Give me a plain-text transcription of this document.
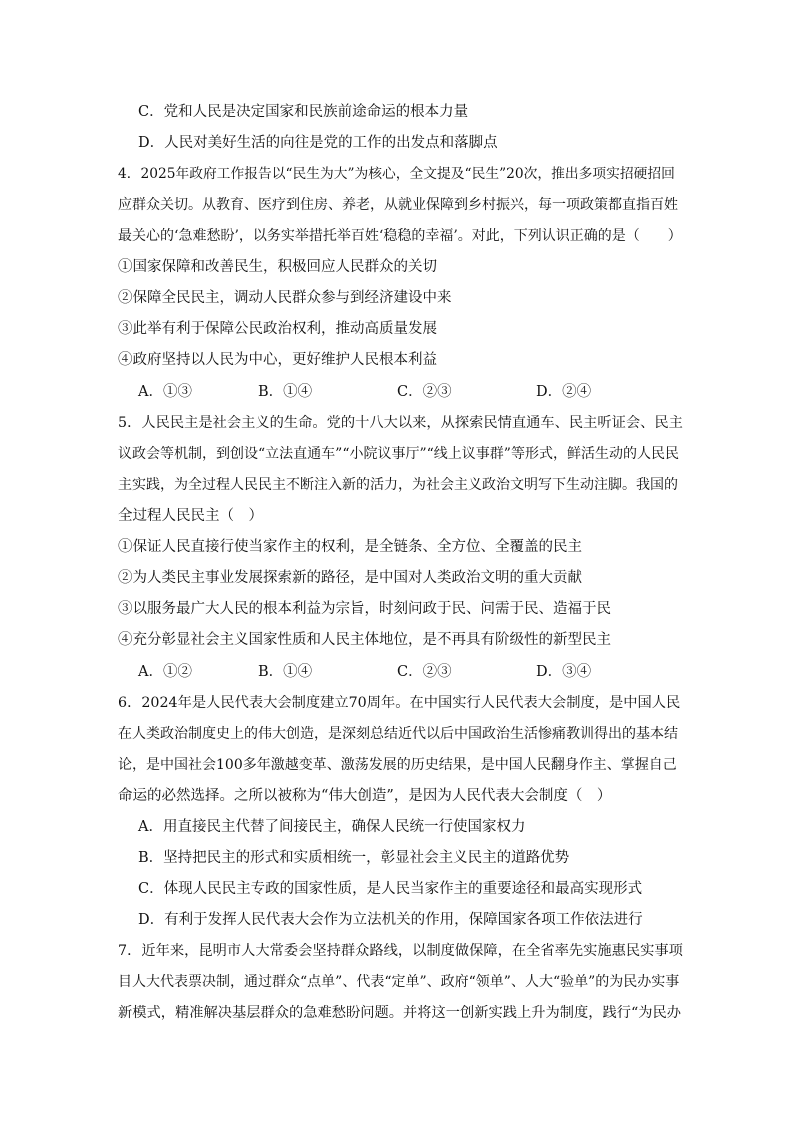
C．党和人民是决定国家和民族前途命运的根本力量
D．人民对美好生活的向往是党的工作的出发点和落脚点
4．2025年政府工作报告以“民生为大”为核心，全文提及“民生”20次，推出多项实招硬招回
应群众关切。从教育、医疗到住房、养老，从就业保障到乡村振兴，每一项政策都直指百姓
最关心的‘急难愁盼’，以务实举措托举百姓‘稳稳的幸福’。对此，下列认识正确的是（　　）
①国家保障和改善民生，积极回应人民群众的关切
②保障全民民主，调动人民群众参与到经济建设中来
③此举有利于保障公民政治权利，推动高质量发展
④政府坚持以人民为中心，更好维护人民根本利益
A．①③	B．①④	C．②③	D．②④
5．人民民主是社会主义的生命。党的十八大以来，从探索民情直通车、民主听证会、民主
议政会等机制，到创设“立法直通车”“小院议事厅”“线上议事群”等形式，鲜活生动的人民民
主实践，为全过程人民民主不断注入新的活力，为社会主义政治文明写下生动注脚。我国的
全过程人民民主（　）
①保证人民直接行使当家作主的权利，是全链条、全方位、全覆盖的民主
②为人类民主事业发展探索新的路径，是中国对人类政治文明的重大贡献
③以服务最广大人民的根本利益为宗旨，时刻问政于民、问需于民、造福于民
④充分彰显社会主义国家性质和人民主体地位，是不再具有阶级性的新型民主
A．①②	B．①④	C．②③	D．③④
6．2024年是人民代表大会制度建立70周年。在中国实行人民代表大会制度，是中国人民
在人类政治制度史上的伟大创造，是深刻总结近代以后中国政治生活惨痛教训得出的基本结
论，是中国社会100多年激越变革、激荡发展的历史结果，是中国人民翻身作主、掌握自己
命运的必然选择。之所以被称为“伟大创造”，是因为人民代表大会制度（　）
A．用直接民主代替了间接民主，确保人民统一行使国家权力
B．坚持把民主的形式和实质相统一，彰显社会主义民主的道路优势
C．体现人民民主专政的国家性质，是人民当家作主的重要途径和最高实现形式
D．有利于发挥人民代表大会作为立法机关的作用，保障国家各项工作依法进行
7．近年来，昆明市人大常委会坚持群众路线，以制度做保障，在全省率先实施惠民实事项
目人大代表票决制，通过群众“点单”、代表“定单”、政府“领单”、人大“验单”的为民办实事
新模式，精准解决基层群众的急难愁盼问题。并将这一创新实践上升为制度，践行“为民办
